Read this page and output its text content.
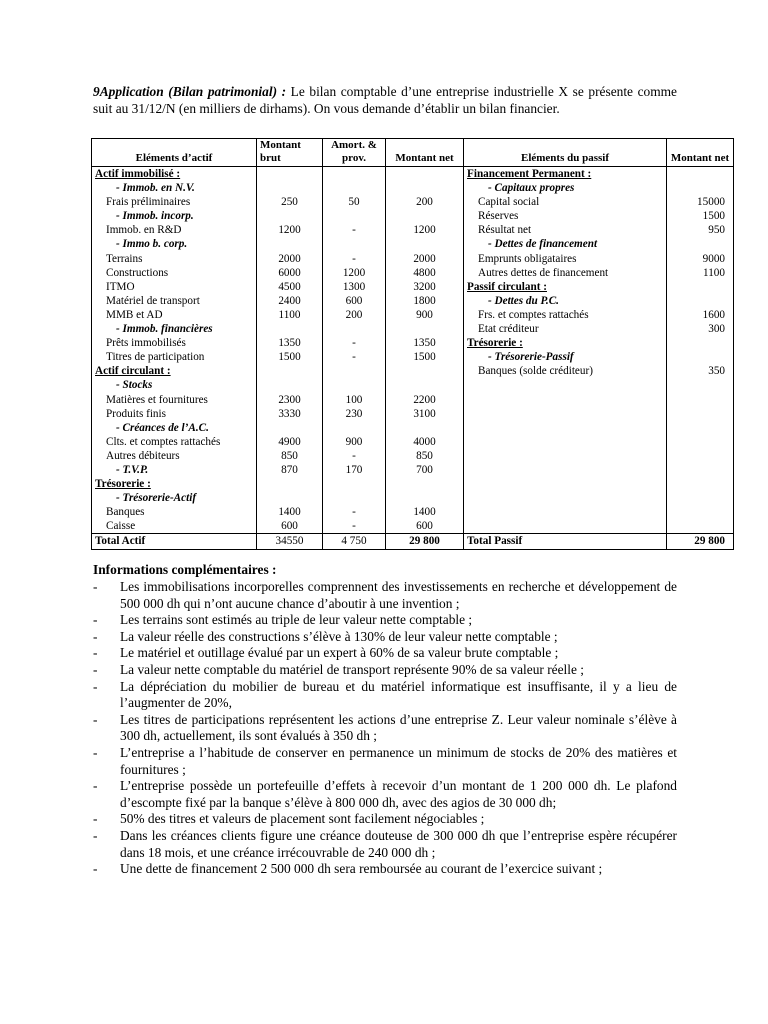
9Application (Bilan patrimonial) : Le bilan comptable d’une entreprise industrielle X se présente comme suit au 31/12/N (en milliers de dirhams). On vous demande d’établir un bilan financier.
Eléments d’actif	Montant brut	Amort. & prov.	Montant net	Eléments du passif	Montant net
Actif immobilisé :				Financement Permanent :	
- Immob. en N.V.				- Capitaux propres	
Frais préliminaires	250	50	200	Capital social	15000
- Immob. incorp.				Réserves	1500
Immob. en R&D	1200	-	1200	Résultat net	950
- Immo b. corp.				- Dettes de financement	
Terrains	2000	-	2000	Emprunts obligataires	9000
Constructions	6000	1200	4800	Autres dettes de financement	1100
ITMO	4500	1300	3200	Passif circulant :	
Matériel de transport	2400	600	1800	- Dettes du P.C.	
MMB et AD	1100	200	900	Frs. et comptes rattachés	1600
- Immob. financières				Etat créditeur	300
Prêts immobilisés	1350	-	1350	Trésorerie :	
Titres de participation	1500	-	1500	- Trésorerie-Passif	
Actif circulant :				Banques (solde créditeur)	350
- Stocks					
Matières et fournitures	2300	100	2200		
Produits finis	3330	230	3100		
- Créances de l’A.C.					
Clts. et comptes rattachés	4900	900	4000		
Autres débiteurs	850	-	850		
- T.V.P.	870	170	700		
Trésorerie :					
- Trésorerie-Actif					
Banques	1400	-	1400		
Caisse	600	-	600		
Total Actif	34550	4 750	29 800	Total Passif	29 800
Informations complémentaires :
-	Les immobilisations incorporelles comprennent des investissements en recherche et développement de 500 000 dh qui n’ont aucune chance d’aboutir à une invention ;
-	Les terrains sont estimés au triple de leur valeur nette comptable ;
-	La valeur réelle des constructions s’élève à 130% de leur valeur nette comptable ;
-	Le matériel et outillage évalué par un expert à 60% de sa valeur brute comptable ;
-	La valeur nette comptable du matériel de transport représente 90% de sa valeur réelle ;
-	La dépréciation du mobilier de bureau et du matériel informatique est insuffisante, il y a lieu de l’augmenter de 20%,
-	Les titres de participations représentent les actions d’une entreprise Z. Leur valeur nominale s’élève à 300 dh, actuellement, ils sont évalués à 350 dh ;
-	L’entreprise a l’habitude de conserver en permanence un minimum de stocks de 20% des matières et fournitures ;
-	L’entreprise possède un portefeuille d’effets à recevoir d’un montant de 1 200 000 dh. Le plafond d’escompte fixé par la banque s’élève à 800 000 dh, avec des agios de 30 000 dh;
-	50% des titres et valeurs de placement sont facilement négociables ;
-	Dans les créances clients figure une créance douteuse de 300 000 dh que l’entreprise espère récupérer dans 18 mois, et une créance irrécouvrable de 240 000 dh ;
-	Une dette de financement 2 500 000 dh sera remboursée au courant de l’exercice suivant ;
